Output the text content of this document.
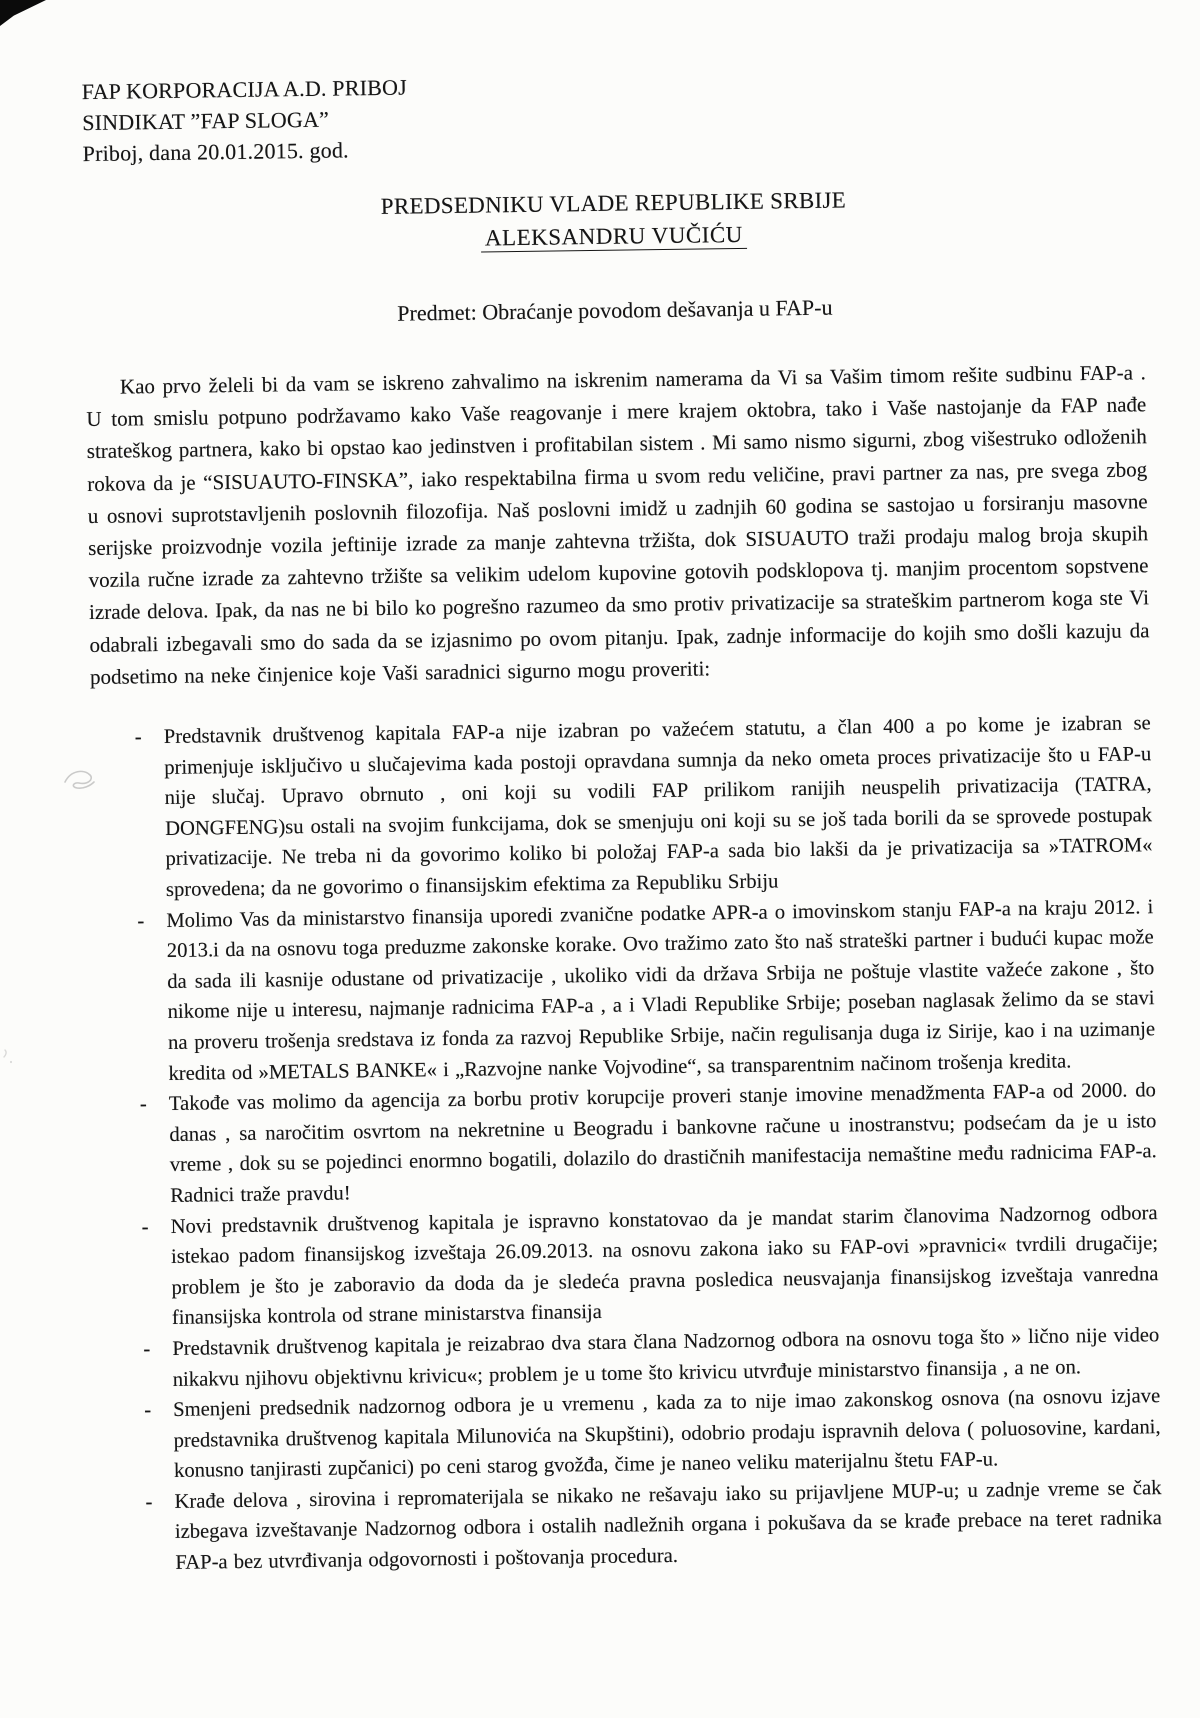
FAP KORPORACIJA A.D. PRIBOJ
SINDIKAT ”FAP SLOGA”
Priboj, dana 20.01.2015. god.
PREDSEDNIKU VLADE REPUBLIKE SRBIJE
ALEKSANDRU VUČIĆU
Predmet: Obraćanje povodom dešavanja u FAP-u

Kao prvo želeli bi da vam se iskreno zahvalimo na iskrenim namerama da Vi sa Vašim timom rešite sudbinu FAP-a . U tom smislu potpuno podržavamo kako Vaše reagovanje i mere krajem oktobra, tako i Vaše nastojanje da FAP nađe strateškog partnera, kako bi opstao kao jedinstven i profitabilan sistem . Mi samo nismo sigurni, zbog višestruko odloženih rokova da je “SISUAUTO-FINSKA”, iako respektabilna firma u svom redu veličine, pravi partner za nas, pre svega zbog u osnovi suprotstavljenih poslovnih filozofija. Naš poslovni imidž u zadnjih 60 godina se sastojao u forsiranju masovne serijske proizvodnje vozila jeftinije izrade za manje zahtevna tržišta, dok SISUAUTO traži prodaju malog broja skupih vozila ručne izrade za zahtevno tržište sa velikim udelom kupovine gotovih podsklopova tj. manjim procentom sopstvene izrade delova. Ipak, da nas ne bi bilo ko pogrešno razumeo da smo protiv privatizacije sa strateškim partnerom koga ste Vi odabrali izbegavali smo do sada da se izjasnimo po ovom pitanju. Ipak, zadnje informacije do kojih smo došli kazuju da podsetimo na neke činjenice koje Vaši saradnici sigurno mogu proveriti:

- Predstavnik društvenog kapitala FAP-a nije izabran po važećem statutu, a član 400 a po kome je izabran se primenjuje isključivo u slučajevima kada postoji opravdana sumnja da neko ometa proces privatizacije što u FAP-u nije slučaj. Upravo obrnuto , oni koji su vodili FAP prilikom ranijih neuspelih privatizacija (TATRA, DONGFENG)su ostali na svojim funkcijama, dok se smenjuju oni koji su se još tada borili da se sprovede postupak privatizacije. Ne treba ni da govorimo koliko bi položaj FAP-a sada bio lakši da je privatizacija sa »TATROM« sprovedena; da ne govorimo o finansijskim efektima za Republiku Srbiju
- Molimo Vas da ministarstvo finansija uporedi zvanične podatke APR-a o imovinskom stanju FAP-a na kraju 2012. i 2013.i da na osnovu toga preduzme zakonske korake. Ovo tražimo zato što naš strateški partner i budući kupac može da sada ili kasnije odustane od privatizacije , ukoliko vidi da država Srbija ne poštuje vlastite važeće zakone , što nikome nije u interesu, najmanje radnicima FAP-a , a i Vladi Republike Srbije; poseban naglasak želimo da se stavi na proveru trošenja sredstava iz fonda za razvoj Republike Srbije, način regulisanja duga iz Sirije, kao i na uzimanje kredita od »METALS BANKE« i „Razvojne nanke Vojvodine“, sa transparentnim načinom trošenja kredita.
- Takođe vas molimo da agencija za borbu protiv korupcije proveri stanje imovine menadžmenta FAP-a od 2000. do danas , sa naročitim osvrtom na nekretnine u Beogradu i bankovne račune u inostranstvu; podsećam da je u isto vreme , dok su se pojedinci enormno bogatili, dolazilo do drastičnih manifestacija nemaštine među radnicima FAP-a. Radnici traže pravdu!
- Novi predstavnik društvenog kapitala je ispravno konstatovao da je mandat starim članovima Nadzornog odbora istekao padom finansijskog izveštaja 26.09.2013. na osnovu zakona iako su FAP-ovi »pravnici« tvrdili drugačije; problem je što je zaboravio da doda da je sledeća pravna posledica neusvajanja finansijskog izveštaja vanredna finansijska kontrola od strane ministarstva finansija
- Predstavnik društvenog kapitala je reizabrao dva stara člana Nadzornog odbora na osnovu toga što » lično nije video nikakvu njihovu objektivnu krivicu«; problem je u tome što krivicu utvrđuje ministarstvo finansija , a ne on.
- Smenjeni predsednik nadzornog odbora je u vremenu , kada za to nije imao zakonskog osnova (na osnovu izjave predstavnika društvenog kapitala Milunovića na Skupštini), odobrio prodaju ispravnih delova ( poluosovine, kardani, konusno tanjirasti zupčanici) po ceni starog gvožđa, čime je naneo veliku materijalnu štetu FAP-u.
- Krađe delova , sirovina i repromaterijala se nikako ne rešavaju iako su prijavljene MUP-u; u zadnje vreme se čak izbegava izveštavanje Nadzornog odbora i ostalih nadležnih organa i pokušava da se krađe prebace na teret radnika FAP-a bez utvrđivanja odgovornosti i poštovanja procedura.
